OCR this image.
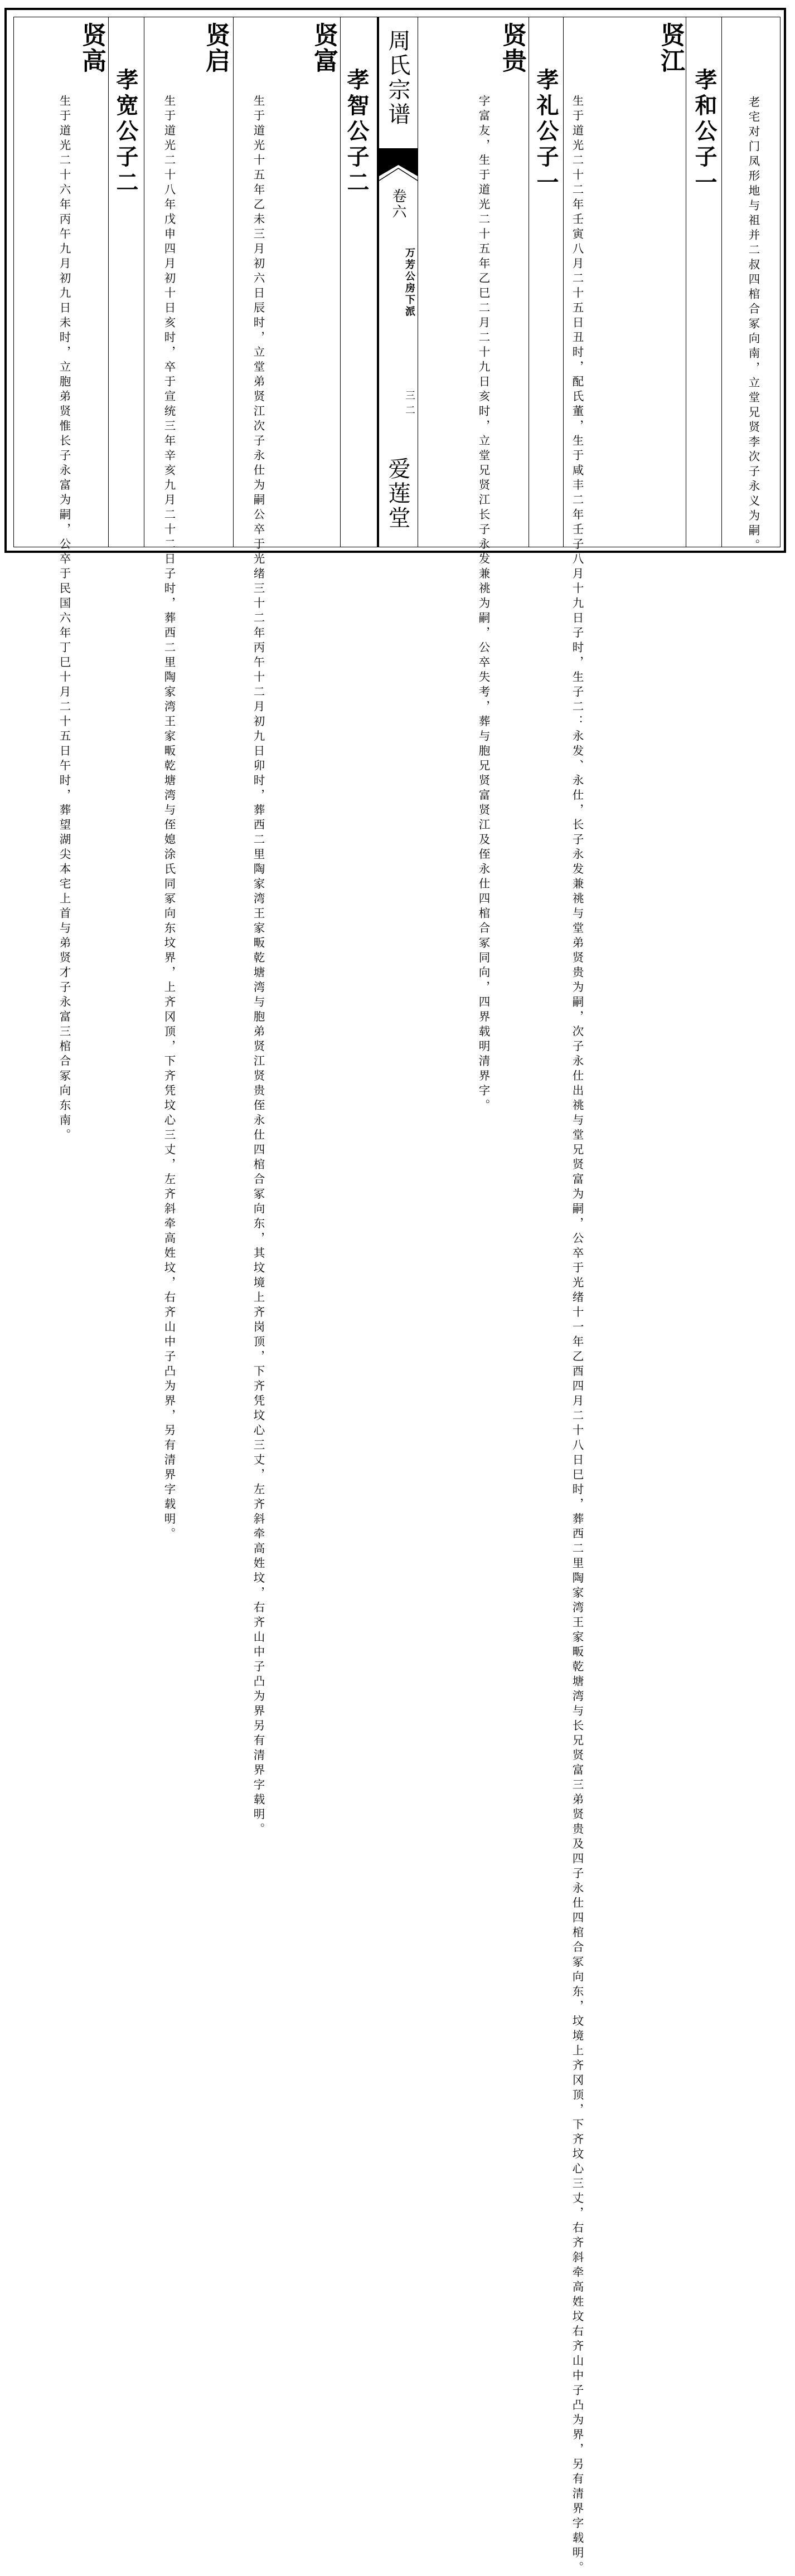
周氏宗谱

卷六

万芳公房下派

三二

爱莲堂	老宅对门凤形地与祖并二叔四棺合冢向南，立堂兄贤李次子永义为嗣。

孝和公子一

贤江

生于道光二十二年壬寅八月二十五日丑时，配氏董，生于咸丰二年壬子八月十九日子时，生子二：永发、永仕，长子永发兼祧与堂弟贤贵为嗣，次子永仕出祧与堂兄贤富为嗣，公卒于光绪十一年乙酉四月二十八日巳时，葬西二里陶家湾王家畈乾塘湾与长兄贤富三弟贤贵及四子永仕四棺合冢向东，坟境上齐冈顶，下齐坟心三丈，右齐斜牵高姓坟右齐山中子凸为界，另有清界字载明。

孝礼公子一

贤贵

字富友，生于道光二十五年乙巳二月二十九日亥时，立堂兄贤江长子永发兼祧为嗣，公卒失考，葬与胞兄贤富贤江及侄永仕四棺合冢同向，四界载明清界字。

孝智公子二

贤富

生于道光十五年乙未三月初六日辰时，立堂弟贤江次子永仕为嗣公卒于光绪三十二年丙午十二月初九日卯时，葬西二里陶家湾王家畈乾塘湾与胞弟贤江贤贵侄永仕四棺合冢向东，其坟境上齐岗顶，下齐凭坟心三丈，左齐斜牵高姓坟，右齐山中子凸为界另有清界字载明。

贤启

生于道光二十八年戊申四月初十日亥时，卒于宣统三年辛亥九月二十二日子时，葬西二里陶家湾王家畈乾塘湾与侄媳涂氏同冢向东坟界，上齐冈顶，下齐凭坟心三丈，左齐斜牵高姓坟，右齐山中子凸为界，另有清界字载明。

孝宽公子二

贤高

生于道光二十六年丙午九月初九日未时，立胞弟贤惟长子永富为嗣，公卒于民国六年丁巳十月二十五日午时，葬望湖尖本宅上首与弟贤才子永富三棺合冢向东南。
